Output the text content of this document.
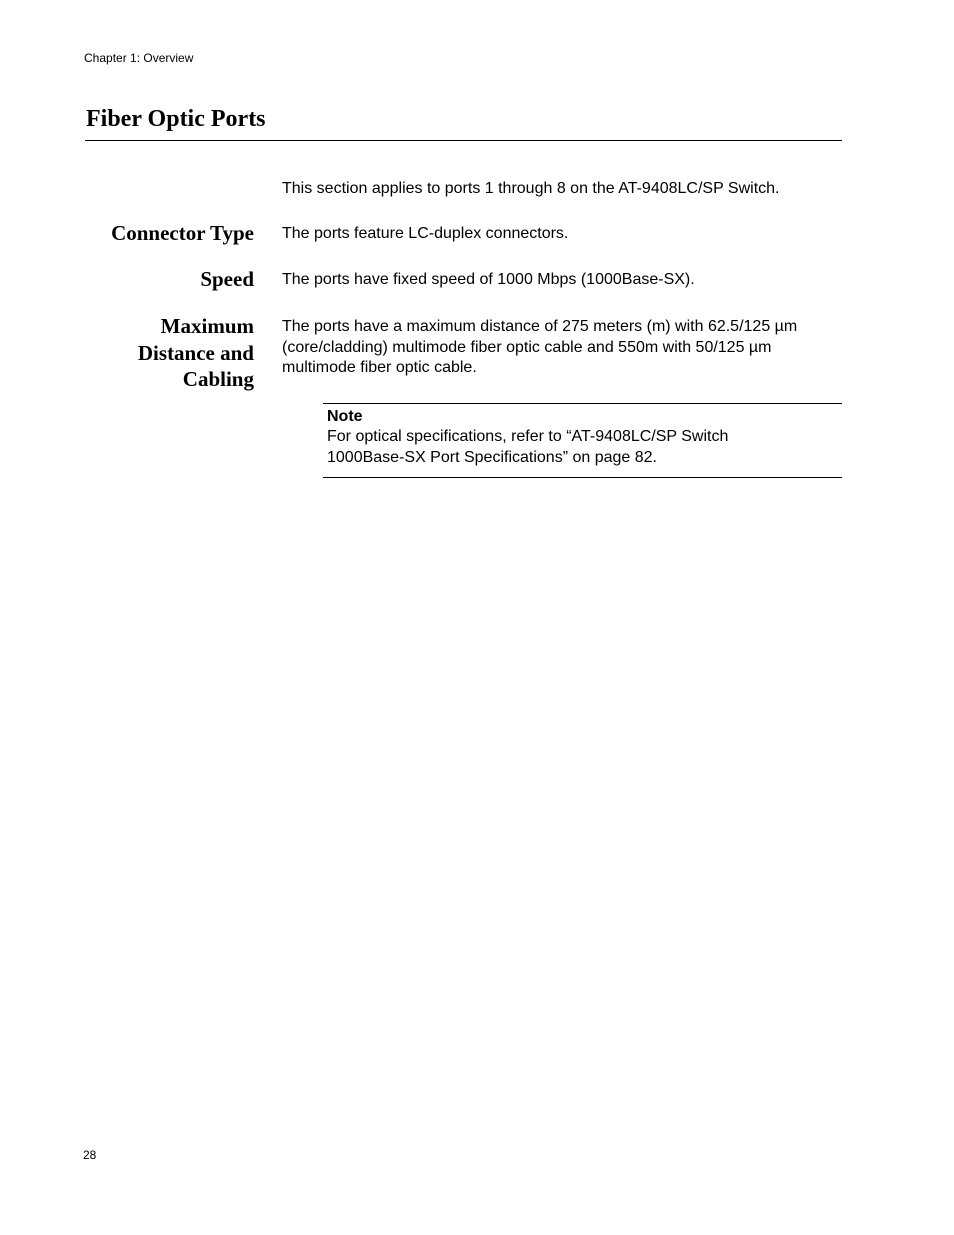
Chapter 1: Overview
Fiber Optic Ports
This section applies to ports 1 through 8 on the AT-9408LC/SP Switch.
Connector Type The ports feature LC-duplex connectors.
Speed The ports have fixed speed of 1000 Mbps (1000Base-SX).
Maximum Distance and Cabling
The ports have a maximum distance of 275 meters (m) with 62.5/125 µm (core/cladding) multimode fiber optic cable and 550m with 50/125 µm multimode fiber optic cable.
Note
For optical specifications, refer to “AT-9408LC/SP Switch 1000Base-SX Port Specifications” on page 82.
28
